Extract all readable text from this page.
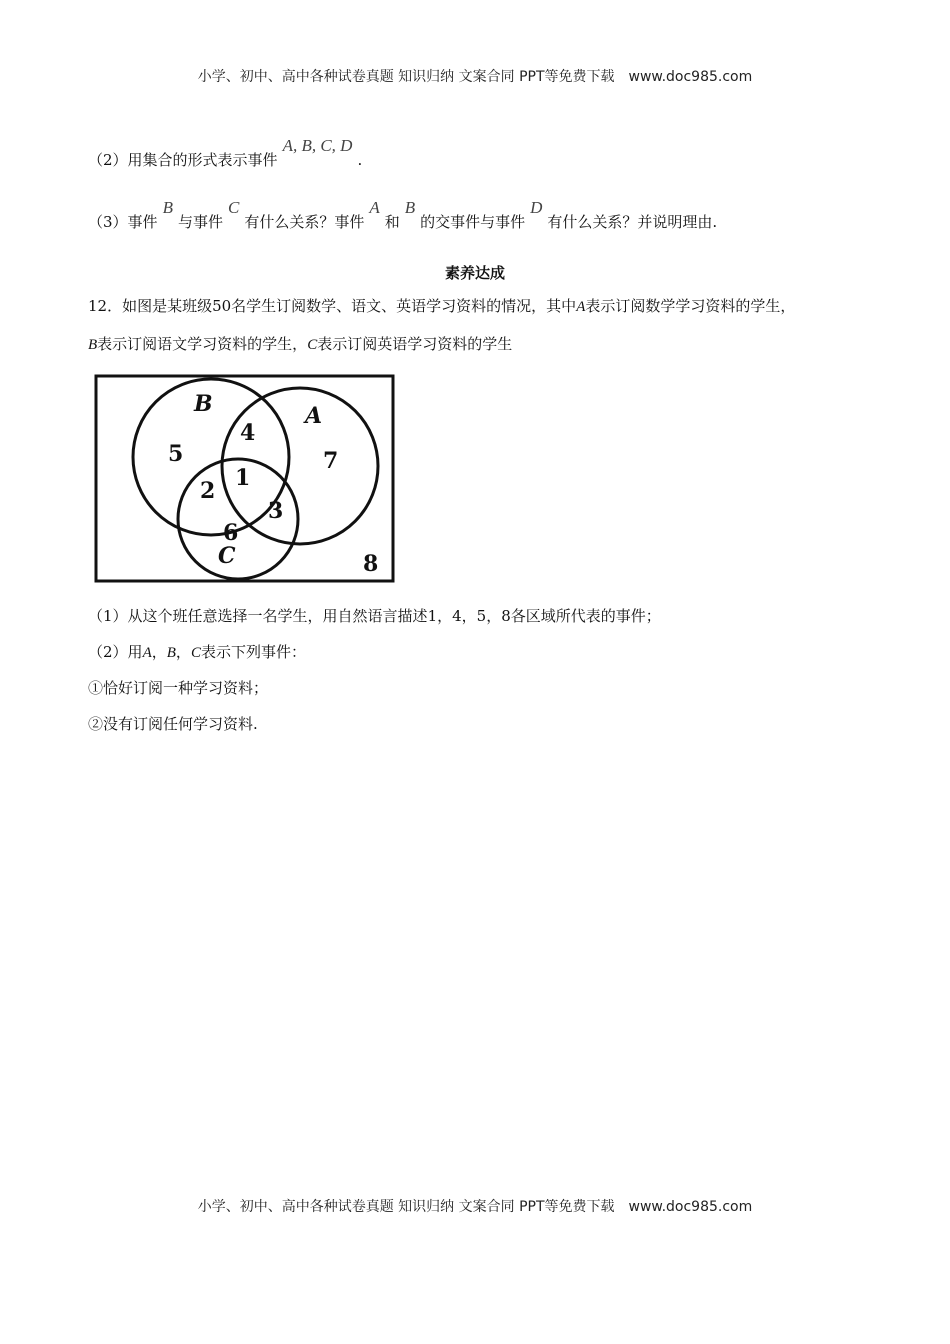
小学、初中、高中各种试卷真题 知识归纳 文案合同 PPT等免费下载 www.doc985.com
（2）用集合的形式表示事件A, B, C, D.
（3）事件B与事件C有什么关系？事件A和B的交事件与事件D有什么关系？并说明理由.
素养达成
12．如图是某班级50名学生订阅数学、语文、英语学习资料的情况，其中A表示订阅数学学习资料的学生，
B表示订阅语文学习资料的学生，C表示订阅英语学习资料的学生
B	A
C
5
4
7
1
2
3
6
8
（1）从这个班任意选择一名学生，用自然语言描述1，4，5，8各区域所代表的事件；
（2）用A，B，C表示下列事件：
①恰好订阅一种学习资料；
②没有订阅任何学习资料.
小学、初中、高中各种试卷真题 知识归纳 文案合同 PPT等免费下载 www.doc985.com
